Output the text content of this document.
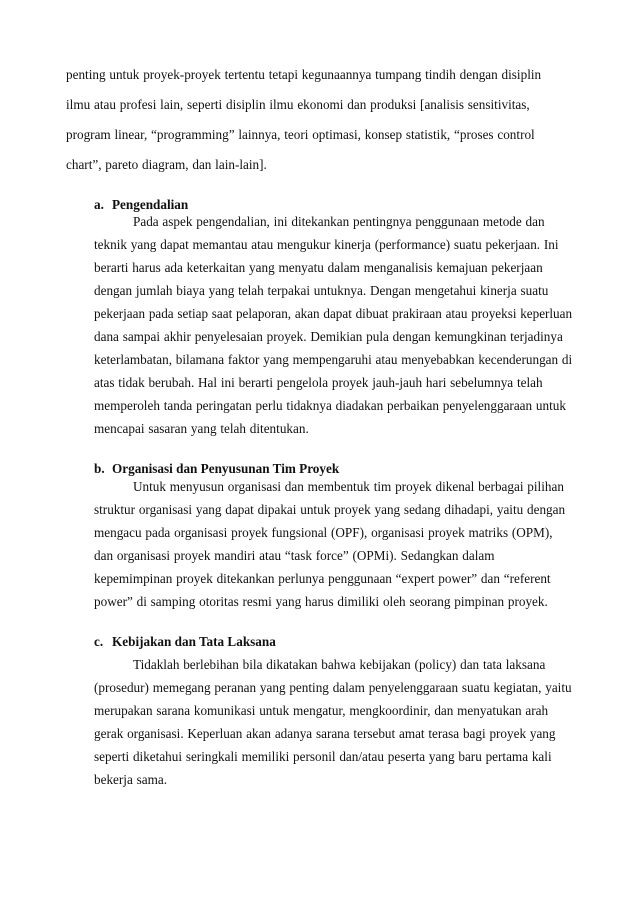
penting untuk proyek-proyek tertentu tetapi kegunaannya tumpang tindih dengan disiplin
ilmu atau profesi lain, seperti disiplin ilmu ekonomi dan produksi [analisis sensitivitas,
program linear, “programming” lainnya, teori optimasi, konsep statistik, “proses control
chart”, pareto diagram, dan lain-lain].
a. Pengendalian
Pada aspek pengendalian, ini ditekankan pentingnya penggunaan metode dan
teknik yang dapat memantau atau mengukur kinerja (performance) suatu pekerjaan. Ini
berarti harus ada keterkaitan yang menyatu dalam menganalisis kemajuan pekerjaan
dengan jumlah biaya yang telah terpakai untuknya. Dengan mengetahui kinerja suatu
pekerjaan pada setiap saat pelaporan, akan dapat dibuat prakiraan atau proyeksi keperluan
dana sampai akhir penyelesaian proyek. Demikian pula dengan kemungkinan terjadinya
keterlambatan, bilamana faktor yang mempengaruhi atau menyebabkan kecenderungan di
atas tidak berubah. Hal ini berarti pengelola proyek jauh-jauh hari sebelumnya telah
memperoleh tanda peringatan perlu tidaknya diadakan perbaikan penyelenggaraan untuk
mencapai sasaran yang telah ditentukan.
b. Organisasi dan Penyusunan Tim Proyek
Untuk menyusun organisasi dan membentuk tim proyek dikenal berbagai pilihan
struktur organisasi yang dapat dipakai untuk proyek yang sedang dihadapi, yaitu dengan
mengacu pada organisasi proyek fungsional (OPF), organisasi proyek matriks (OPM),
dan organisasi proyek mandiri atau “task force” (OPMi). Sedangkan dalam
kepemimpinan proyek ditekankan perlunya penggunaan “expert power” dan “referent
power” di samping otoritas resmi yang harus dimiliki oleh seorang pimpinan proyek.
c. Kebijakan dan Tata Laksana
Tidaklah berlebihan bila dikatakan bahwa kebijakan (policy) dan tata laksana
(prosedur) memegang peranan yang penting dalam penyelenggaraan suatu kegiatan, yaitu
merupakan sarana komunikasi untuk mengatur, mengkoordinir, dan menyatukan arah
gerak organisasi. Keperluan akan adanya sarana tersebut amat terasa bagi proyek yang
seperti diketahui seringkali memiliki personil dan/atau peserta yang baru pertama kali
bekerja sama.
